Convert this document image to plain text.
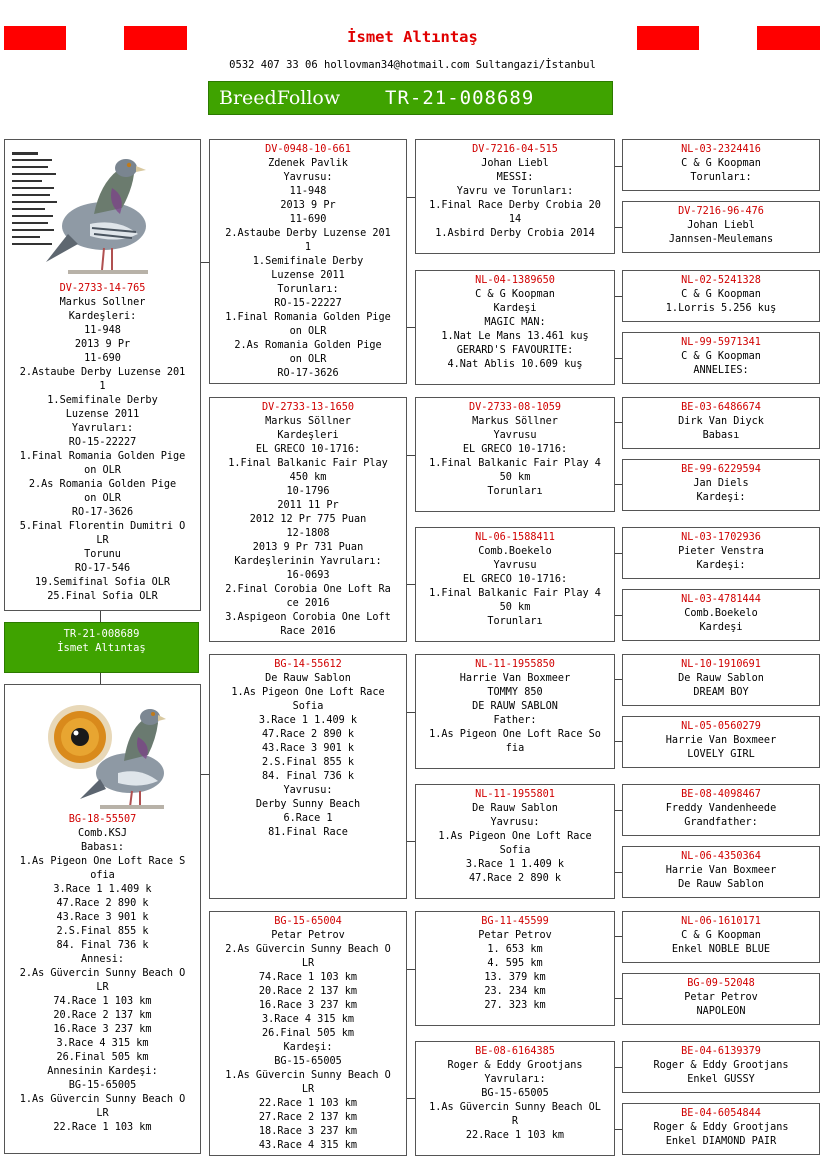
İsmet Altıntaş
0532 407 33 06 hollovman34@hotmail.com Sultangazi/İstanbul
BreedFollow TR-21-008689
DV-2733-14-765
Markus Sollner
Kardeşleri:
11-948
2013 9 Pr
11-690
2.Astaube Derby Luzense 201
1
1.Semifinale Derby
Luzense 2011
Yavruları:
RO-15-22227
1.Final Romania Golden Pige
on OLR
2.As Romania Golden Pige
on OLR
RO-17-3626
5.Final Florentin Dumitri O
LR
Torunu
RO-17-546
19.Semifinal Sofia OLR
25.Final Sofia OLR
TR-21-008689
İsmet Altıntaş
BG-18-55507
Comb.KSJ
Babası:
1.As Pigeon One Loft Race S
ofia
3.Race 1 1.409 k
47.Race 2 890 k
43.Race 3 901 k
2.S.Final 855 k
84. Final 736 k
Annesi:
2.As Güvercin Sunny Beach O
LR
74.Race 1 103 km
20.Race 2 137 km
16.Race 3 237 km
3.Race 4 315 km
26.Final 505 km
Annesinin Kardeşi:
BG-15-65005
1.As Güvercin Sunny Beach O
LR
22.Race 1 103 km
DV-0948-10-661
Zdenek Pavlik
Yavrusu:
11-948
2013 9 Pr
11-690
2.Astaube Derby Luzense 201
1
1.Semifinale Derby
Luzense 2011
Torunları:
RO-15-22227
1.Final Romania Golden Pige
on OLR
2.As Romania Golden Pige
on OLR
RO-17-3626
DV-2733-13-1650
Markus Söllner
Kardeşleri
EL GRECO 10-1716:
1.Final Balkanic Fair Play
450 km
10-1796
2011 11 Pr
2012 12 Pr 775 Puan
12-1808
2013 9 Pr 731 Puan
Kardeşlerinin Yavruları:
16-0693
2.Final Corobia One Loft Ra
ce 2016
3.Aspigeon Corobia One Loft
Race 2016
BG-14-55612
De Rauw Sablon
1.As Pigeon One Loft Race
Sofia
3.Race 1 1.409 k
47.Race 2 890 k
43.Race 3 901 k
2.S.Final 855 k
84. Final 736 k
Yavrusu:
Derby Sunny Beach
6.Race 1
81.Final Race
BG-15-65004
Petar Petrov
2.As Güvercin Sunny Beach O
LR
74.Race 1 103 km
20.Race 2 137 km
16.Race 3 237 km
3.Race 4 315 km
26.Final 505 km
Kardeşi:
BG-15-65005
1.As Güvercin Sunny Beach O
LR
22.Race 1 103 km
27.Race 2 137 km
18.Race 3 237 km
43.Race 4 315 km
DV-7216-04-515
Johan Liebl
MESSI:
Yavru ve Torunları:
1.Final Race Derby Crobia 20
14
1.Asbird Derby Crobia 2014
NL-04-1389650
C & G Koopman
Kardeşi
MAGIC MAN:
1.Nat Le Mans 13.461 kuş
GERARD'S FAVOURITE:
4.Nat Ablis 10.609 kuş
DV-2733-08-1059
Markus Söllner
Yavrusu
EL GRECO 10-1716:
1.Final Balkanic Fair Play 4
50 km
Torunları
NL-06-1588411
Comb.Boekelo
Yavrusu
EL GRECO 10-1716:
1.Final Balkanic Fair Play 4
50 km
Torunları
NL-11-1955850
Harrie Van Boxmeer
TOMMY 850
DE RAUW SABLON
Father:
1.As Pigeon One Loft Race So
fia
NL-11-1955801
De Rauw Sablon
Yavrusu:
1.As Pigeon One Loft Race
Sofia
3.Race 1 1.409 k
47.Race 2 890 k
BG-11-45599
Petar Petrov
1. 653 km
4. 595 km
13. 379 km
23. 234 km
27. 323 km
BE-08-6164385
Roger & Eddy Grootjans
Yavruları:
BG-15-65005
1.As Güvercin Sunny Beach OL
R
22.Race 1 103 km
NL-03-2324416
C & G Koopman
Torunları:
DV-7216-96-476
Johan Liebl
Jannsen-Meulemans
NL-02-5241328
C & G Koopman
1.Lorris 5.256 kuş
NL-99-5971341
C & G Koopman
ANNELIES:
BE-03-6486674
Dirk Van Diyck
Babası
BE-99-6229594
Jan Diels
Kardeşi:
NL-03-1702936
Pieter Venstra
Kardeşi:
NL-03-4781444
Comb.Boekelo
Kardeşi
NL-10-1910691
De Rauw Sablon
DREAM BOY
NL-05-0560279
Harrie Van Boxmeer
LOVELY GIRL
BE-08-4098467
Freddy Vandenheede
Grandfather:
NL-06-4350364
Harrie Van Boxmeer
De Rauw Sablon
NL-06-1610171
C & G Koopman
Enkel NOBLE BLUE
BG-09-52048
Petar Petrov
NAPOLEON
BE-04-6139379
Roger & Eddy Grootjans
Enkel GUSSY
BE-04-6054844
Roger & Eddy Grootjans
Enkel DIAMOND PAIR
